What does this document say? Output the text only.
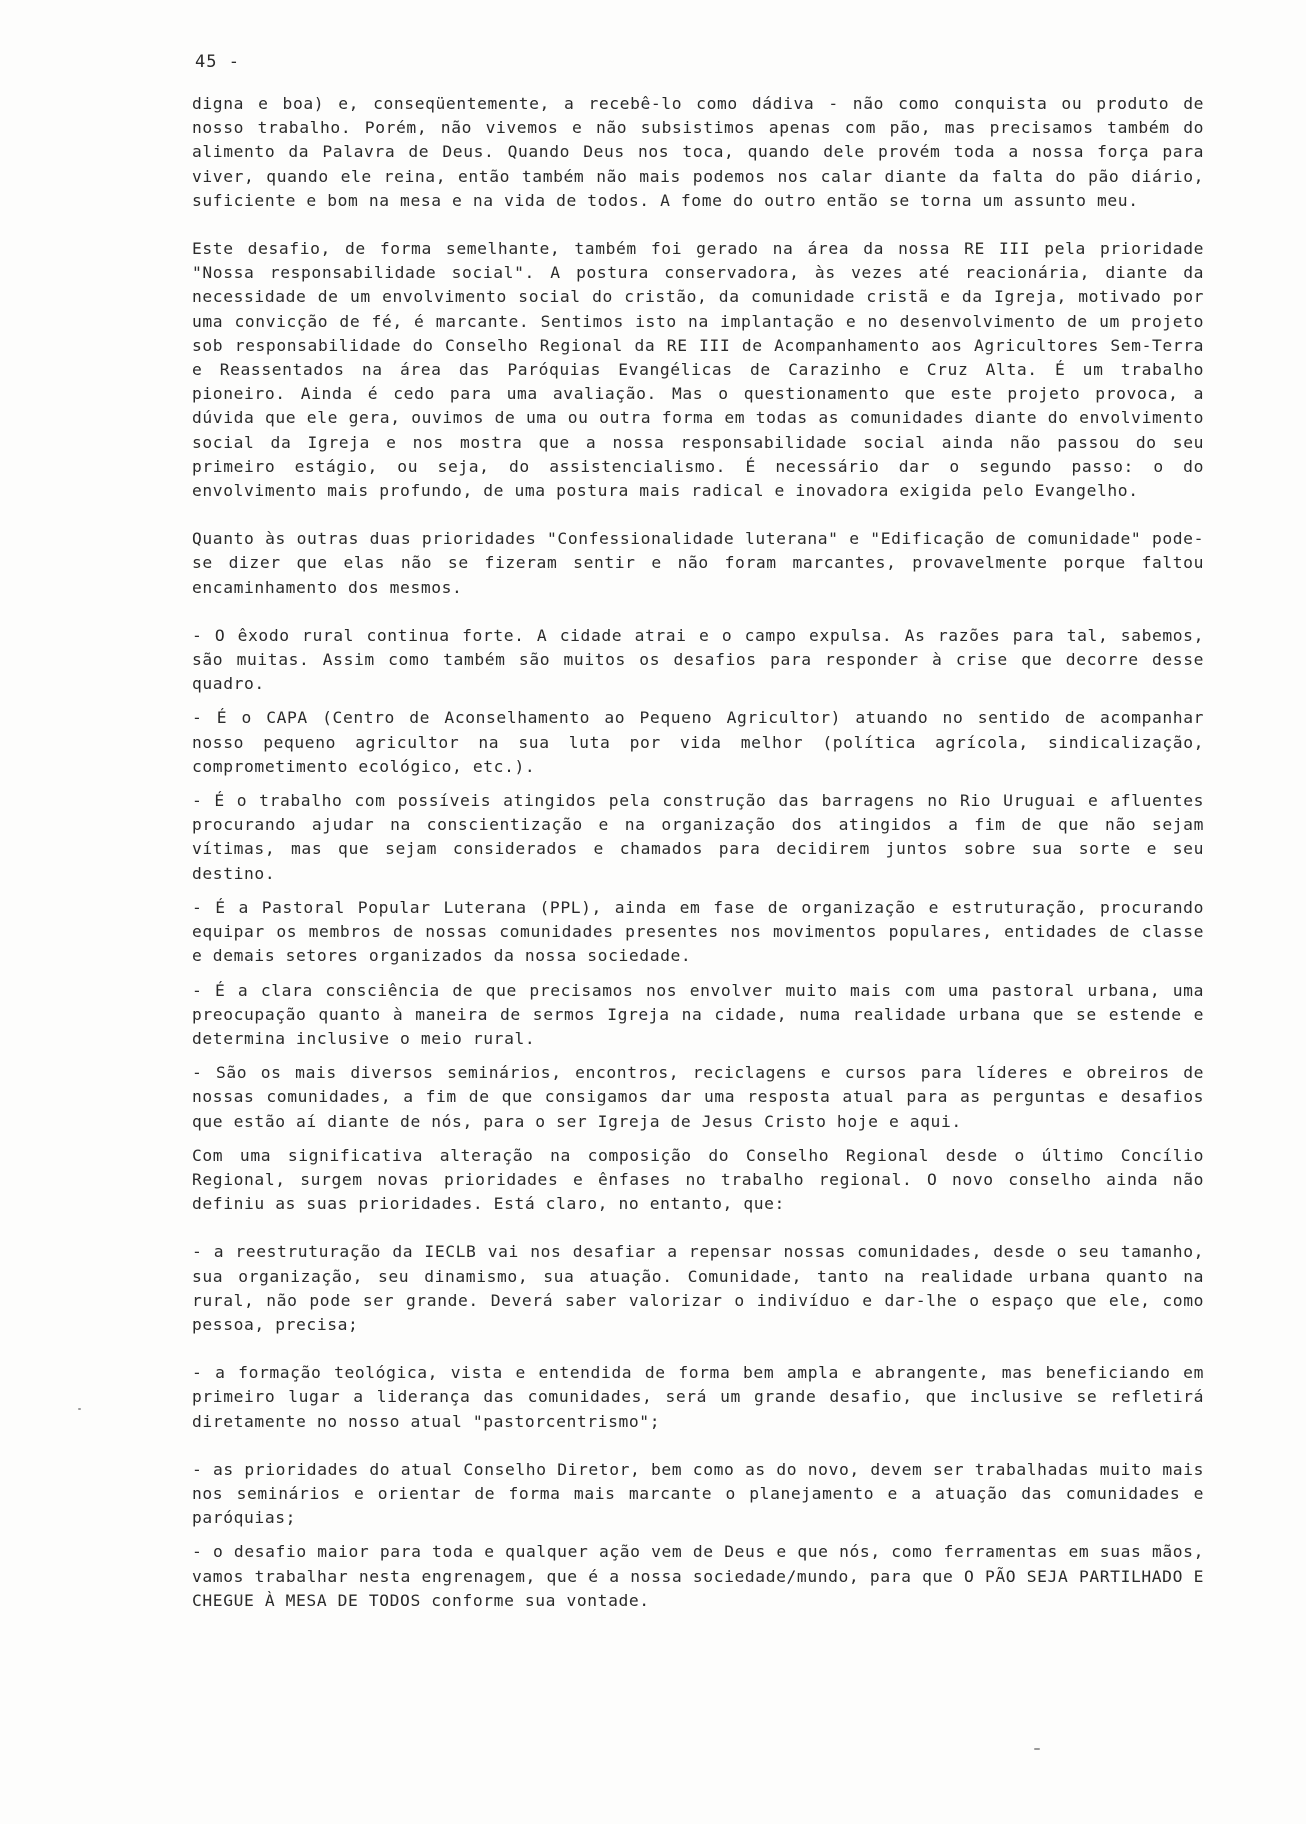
45 -

digna e boa) e, conseqüentemente, a recebê-lo como dádiva - não como conquista ou produto de nosso trabalho. Porém, não vivemos e não subsistimos apenas com pão, mas precisamos também do alimento da Palavra de Deus. Quando Deus nos toca, quando dele provém toda a nossa força para viver, quando ele reina, então também não mais podemos nos calar diante da falta do pão diário, suficiente e bom na mesa e na vida de todos. A fome do outro então se torna um assunto meu.

Este desafio, de forma semelhante, também foi gerado na área da nossa RE III pela prioridade "Nossa responsabilidade social". A postura conservadora, às vezes até reacionária, diante da necessidade de um envolvimento social do cristão, da comunidade cristã e da Igreja, motivado por uma convicção de fé, é marcante. Sentimos isto na implantação e no desenvolvimento de um projeto sob responsabilidade do Conselho Regional da RE III de Acompanhamento aos Agricultores Sem-Terra e Reassentados na área das Paróquias Evangélicas de Carazinho e Cruz Alta. É um trabalho pioneiro. Ainda é cedo para uma avaliação. Mas o questionamento que este projeto provoca, a dúvida que ele gera, ouvimos de uma ou outra forma em todas as comunidades diante do envolvimento social da Igreja e nos mostra que a nossa responsabilidade social ainda não passou do seu primeiro estágio, ou seja, do assistencialismo. É necessário dar o segundo passo: o do envolvimento mais profundo, de uma postura mais radical e inovadora exigida pelo Evangelho.

Quanto às outras duas prioridades "Confessionalidade luterana" e "Edificação de comunidade" pode-se dizer que elas não se fizeram sentir e não foram marcantes, provavelmente porque faltou encaminhamento dos mesmos.

- O êxodo rural continua forte. A cidade atrai e o campo expulsa. As razões para tal, sabemos, são muitas. Assim como também são muitos os desafios para responder à crise que decorre desse quadro.

- É o CAPA (Centro de Aconselhamento ao Pequeno Agricultor) atuando no sentido de acompanhar nosso pequeno agricultor na sua luta por vida melhor (política agrícola, sindicalização, comprometimento ecológico, etc.).

- É o trabalho com possíveis atingidos pela construção das barragens no Rio Uruguai e afluentes procurando ajudar na conscientização e na organização dos atingidos a fim de que não sejam vítimas, mas que sejam considerados e chamados para decidirem juntos sobre sua sorte e seu destino.

- É a Pastoral Popular Luterana (PPL), ainda em fase de organização e estruturação, procurando equipar os membros de nossas comunidades presentes nos movimentos populares, entidades de classe e demais setores organizados da nossa sociedade.

- É a clara consciência de que precisamos nos envolver muito mais com uma pastoral urbana, uma preocupação quanto à maneira de sermos Igreja na cidade, numa realidade urbana que se estende e determina inclusive o meio rural.

- São os mais diversos seminários, encontros, reciclagens e cursos para líderes e obreiros de nossas comunidades, a fim de que consigamos dar uma resposta atual para as perguntas e desafios que estão aí diante de nós, para o ser Igreja de Jesus Cristo hoje e aqui.

Com uma significativa alteração na composição do Conselho Regional desde o último Concílio Regional, surgem novas prioridades e ênfases no trabalho regional. O novo conselho ainda não definiu as suas prioridades. Está claro, no entanto, que:

- a reestruturação da IECLB vai nos desafiar a repensar nossas comunidades, desde o seu tamanho, sua organização, seu dinamismo, sua atuação. Comunidade, tanto na realidade urbana quanto na rural, não pode ser grande. Deverá saber valorizar o indivíduo e dar-lhe o espaço que ele, como pessoa, precisa;

- a formação teológica, vista e entendida de forma bem ampla e abrangente, mas beneficiando em primeiro lugar a liderança das comunidades, será um grande desafio, que inclusive se refletirá diretamente no nosso atual "pastorcentrismo";

- as prioridades do atual Conselho Diretor, bem como as do novo, devem ser trabalhadas muito mais nos seminários e orientar de forma mais marcante o planejamento e a atuação das comunidades e paróquias;

- o desafio maior para toda e qualquer ação vem de Deus e que nós, como ferramentas em suas mãos, vamos trabalhar nesta engrenagem, que é a nossa sociedade/mundo, para que O PÃO SEJA PARTILHADO E CHEGUE À MESA DE TODOS conforme sua vontade.
